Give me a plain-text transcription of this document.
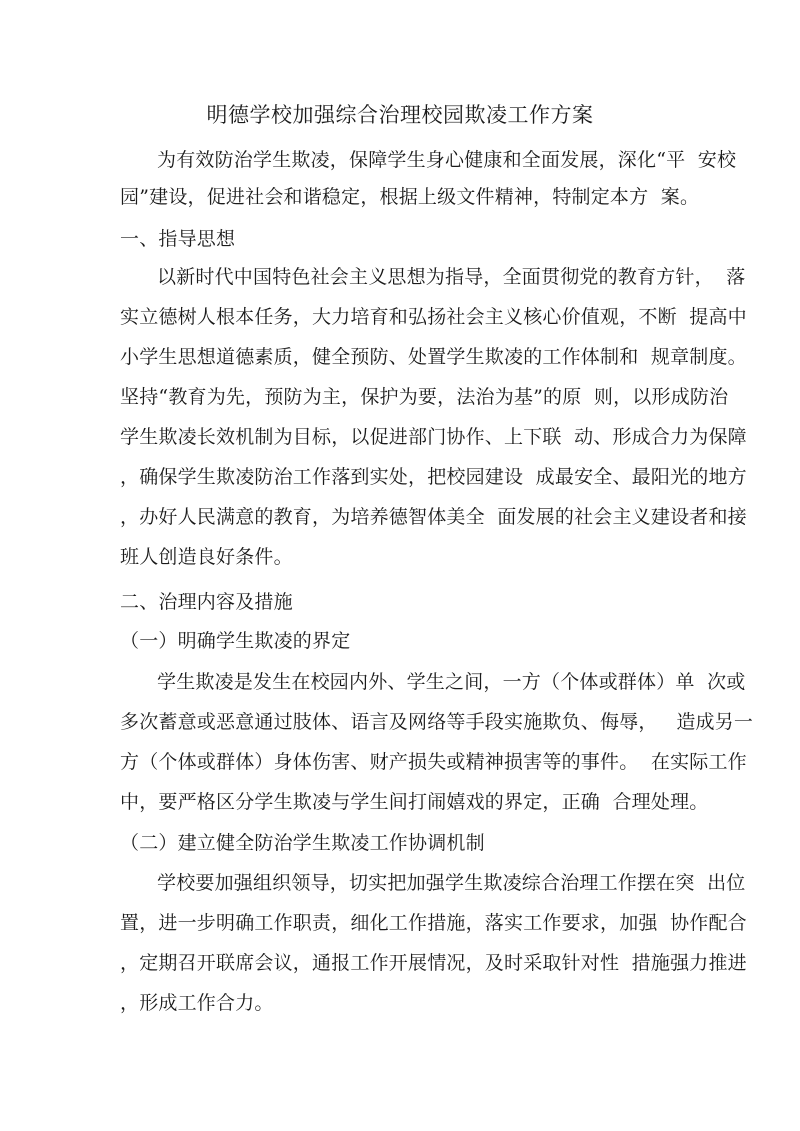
明德学校加强综合治理校园欺凌工作方案
为有效防治学生欺凌，保障学生身心健康和全面发展，深化“平  安校
园”建设，促进社会和谐稳定，根据上级文件精神，特制定本方  案。
一、指导思想
以新时代中国特色社会主义思想为指导，全面贯彻党的教育方针，  落
实立德树人根本任务，大力培育和弘扬社会主义核心价值观，不断  提高中
小学生思想道德素质，健全预防、处置学生欺凌的工作体制和  规章制度。
坚持“教育为先，预防为主，保护为要，法治为基”的原  则，以形成防治
学生欺凌长效机制为目标，以促进部门协作、上下联  动、形成合力为保障
，确保学生欺凌防治工作落到实处，把校园建设  成最安全、最阳光的地方
，办好人民满意的教育，为培养德智体美全  面发展的社会主义建设者和接
班人创造良好条件。
二、治理内容及措施
（一）明确学生欺凌的界定
学生欺凌是发生在校园内外、学生之间，一方（个体或群体）单  次或
多次蓄意或恶意通过肢体、语言及网络等手段实施欺负、侮辱，   造成另一
方（个体或群体）身体伤害、财产损失或精神损害等的事件。  在实际工作
中，要严格区分学生欺凌与学生间打闹嬉戏的界定，正确  合理处理。
（二）建立健全防治学生欺凌工作协调机制
学校要加强组织领导，切实把加强学生欺凌综合治理工作摆在突  出位
置，进一步明确工作职责，细化工作措施，落实工作要求，加强  协作配合
，定期召开联席会议，通报工作开展情况，及时采取针对性  措施强力推进
，形成工作合力。
